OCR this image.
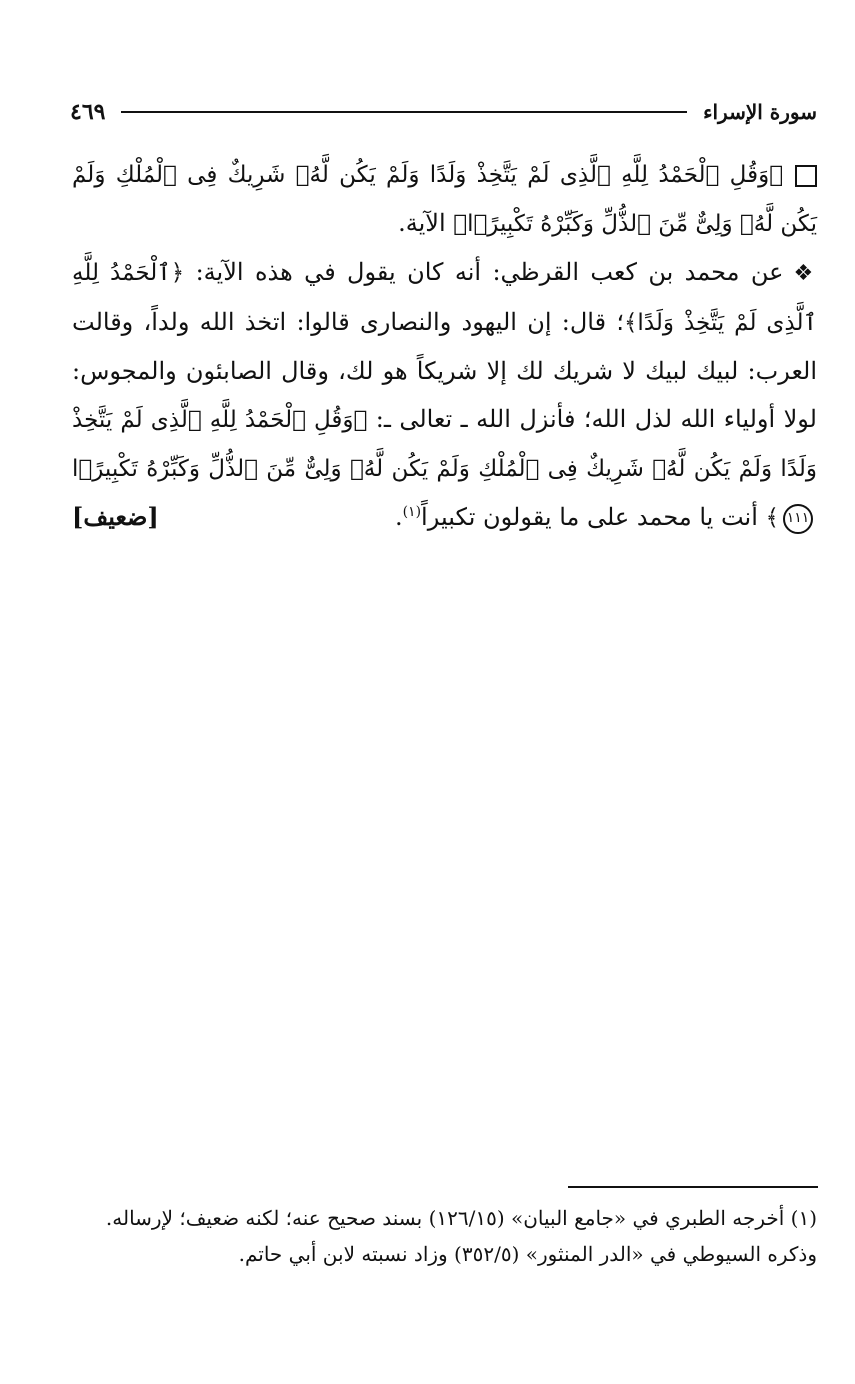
سورة الإسراء
٤٦٩

﴿وَقُلِ ٱلْحَمْدُ لِلَّهِ ٱلَّذِى لَمْ يَتَّخِذْ وَلَدًا وَلَمْ يَكُن لَّهُۥ شَرِيكٌ فِى ٱلْمُلْكِ وَلَمْ يَكُن لَّهُۥ وَلِىٌّ مِّنَ ٱلذُّلِّ وَكَبِّرْهُ تَكْبِيرًۢا﴾ الآية.

❖عن محمد بن كعب القرظي: أنه كان يقول في هذه الآية: ﴿ٱلْحَمْدُ لِلَّهِ ٱلَّذِى لَمْ يَتَّخِذْ وَلَدًا﴾؛ قال: إن اليهود والنصارى قالوا: اتخذ الله ولداً، وقالت العرب: لبيك لبيك لا شريك لك إلا شريكاً هو لك، وقال الصابئون والمجوس: لولا أولياء الله لذل الله؛ فأنزل الله ـ تعالى ـ: ﴿وَقُلِ ٱلْحَمْدُ لِلَّهِ ٱلَّذِى لَمْ يَتَّخِذْ وَلَدًا وَلَمْ يَكُن لَّهُۥ شَرِيكٌ فِى ٱلْمُلْكِ وَلَمْ يَكُن لَّهُۥ وَلِىٌّ مِّنَ ٱلذُّلِّ وَكَبِّرْهُ تَكْبِيرًۢا ١١١﴾ أنت يا محمد على ما يقولون تكبيراً$^{(١)}$.
[ضعيف]

(١) أخرجه الطبري في «جامع البيان» (١٢٦/١٥) بسند صحيح عنه؛ لكنه ضعيف؛ لإرساله.

وذكره السيوطي في «الدر المنثور» (٣٥٢/٥) وزاد نسبته لابن أبي حاتم.
